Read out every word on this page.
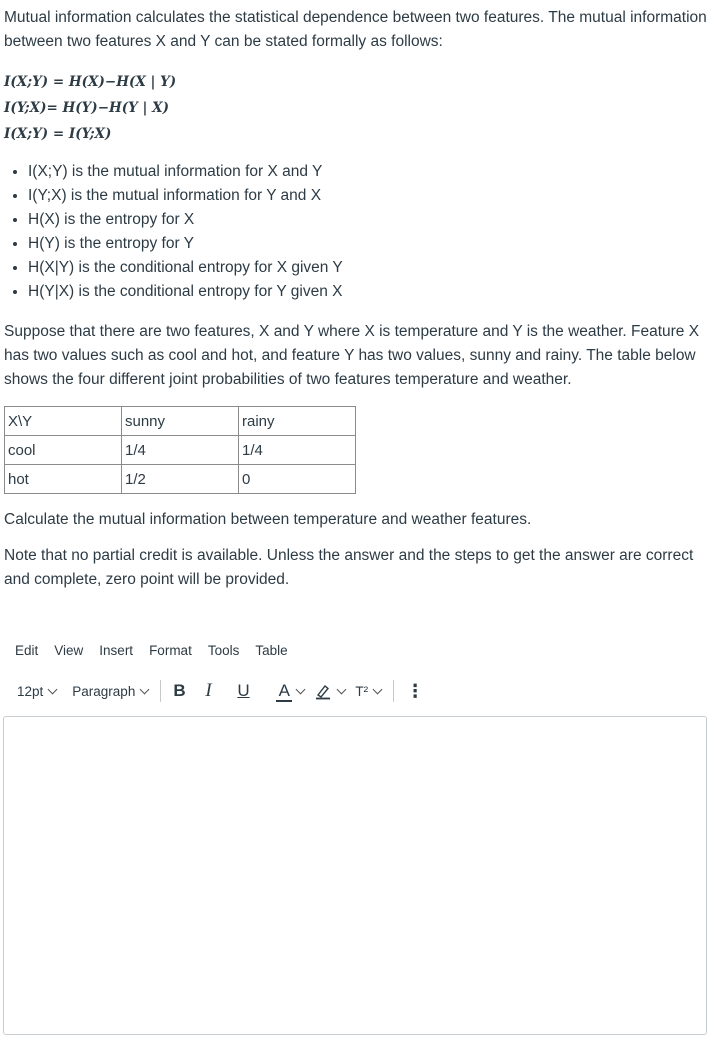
Mutual information calculates the statistical dependence between two features. The mutual information between two features X and Y can be stated formally as follows:

I(X;Y) = H(X)−H(X | Y)
I(Y;X)= H(Y)−H(Y | X)
I(X;Y) = I(Y;X)
• I(X;Y) is the mutual information for X and Y
• I(Y;X) is the mutual information for Y and X
• H(X) is the entropy for X
• H(Y) is the entropy for Y
• H(X|Y) is the conditional entropy for X given Y
• H(Y|X) is the conditional entropy for Y given X

Suppose that there are two features, X and Y where X is temperature and Y is the weather. Feature X has two values such as cool and hot, and feature Y has two values, sunny and rainy. The table below shows the four different joint probabilities of two features temperature and weather.

X\Y	sunny	rainy
cool	1/4	1/4
hot	1/2	0

Calculate the mutual information between temperature and weather features.

Note that no partial credit is available. Unless the answer and the steps to get the answer are correct and complete, zero point will be provided.

Edit View Insert Format Tools Table
12pt Paragraph B	I	U	A	T² ⋮
